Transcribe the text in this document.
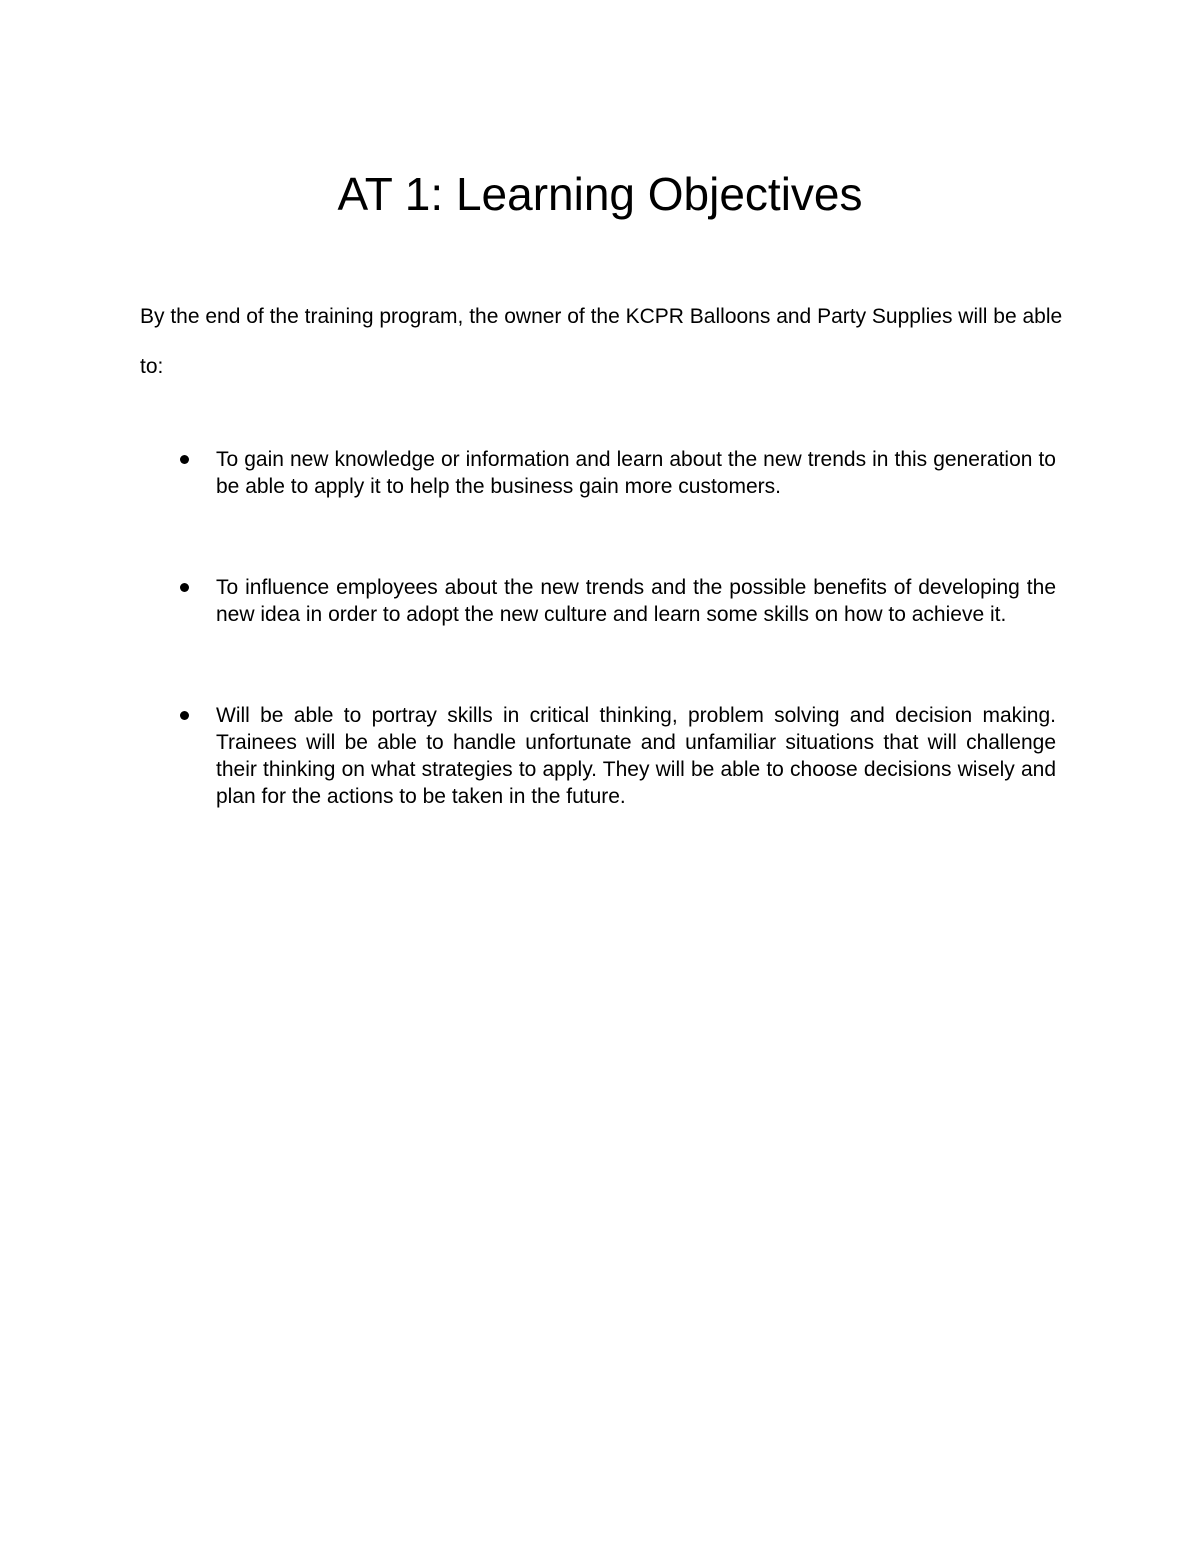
AT 1: Learning Objectives

By the end of the training program, the owner of the KCPR Balloons and Party Supplies will be able to:

To gain new knowledge or information and learn about the new trends in this generation to be able to apply it to help the business gain more customers.
To influence employees about the new trends and the possible benefits of developing the new idea in order to adopt the new culture and learn some skills on how to achieve it.
Will be able to portray skills in critical thinking, problem solving and decision making. Trainees will be able to handle unfortunate and unfamiliar situations that will challenge their thinking on what strategies to apply. They will be able to choose decisions wisely and plan for the actions to be taken in the future.
